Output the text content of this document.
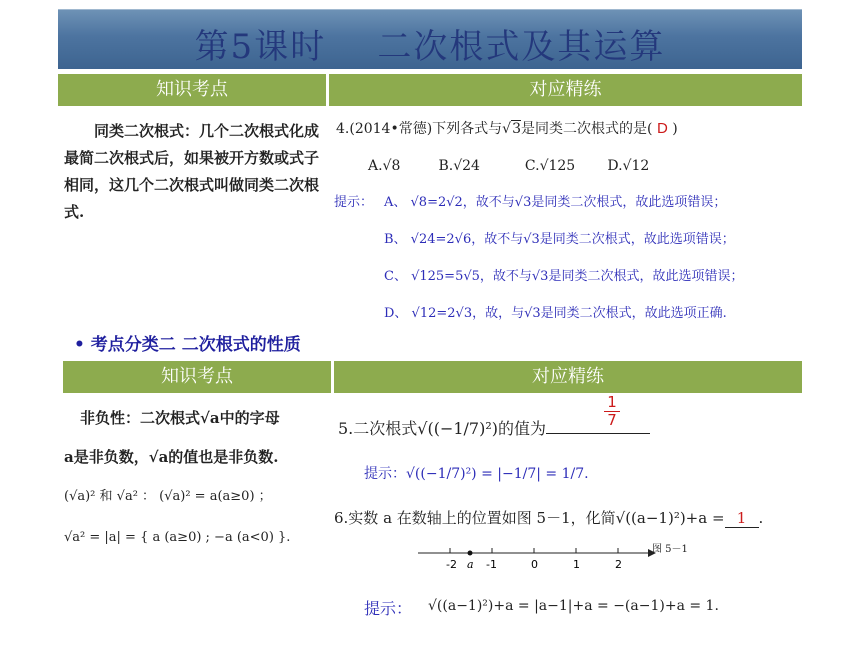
第5课时    二次根式及其运算
知识考点	对应精练
同类二次根式：几个二次根式化成最简二次根式后，如果被开方数或式子相同，这几个二次根式叫做同类二次根式.
4.(2014•常德)下列各式与√3是同类二次根式的是( D )
A.√8	B.√24	C.√125 D.√12
提示： A、 √8=2√2，故不与√3是同类二次根式，故此选项错误；
B、 √24=2√6，故不与√3是同类二次根式，故此选项错误；
C、 √125=5√5，故不与√3是同类二次根式，故此选项错误；
D、 √12=2√3，故，与√3是同类二次根式，故此选项正确.
• 考点分类二 二次根式的性质
知识考点	对应精练
非负性：二次根式√a中的字母
a是非负数，√a的值也是非负数.
(√a)² 和 √a² ： (√a)² = a(a≥0) ；
√a² = |a| = { a (a≥0) ; −a (a<0) }.
5.二次根式√((−1/7)²)的值为
$\frac{1}{7}$
提示：√((−1/7)²) = |−1/7| = 1/7.
6.实数 a 在数轴上的位置如图 5－1，化简√((a−1)²)+a = 1 .
-2 a -1	0	1	2
图 5－1
提示： √((a−1)²)+a = |a−1|+a = −(a−1)+a = 1.
